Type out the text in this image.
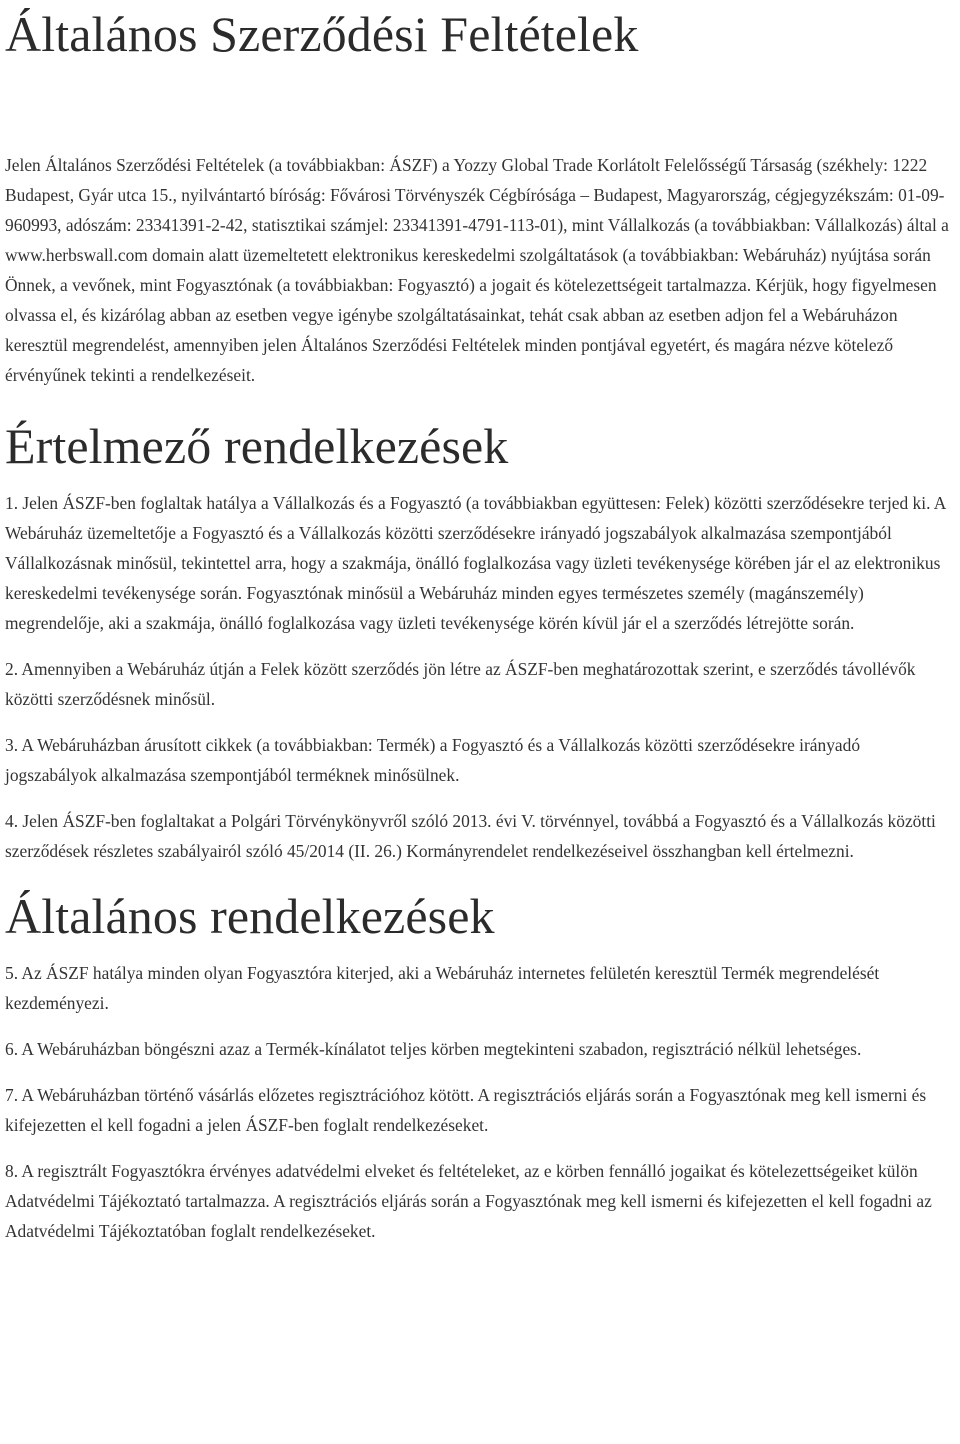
Általános Szerződési Feltételek

Jelen Általános Szerződési Feltételek (a továbbiakban: ÁSZF) a Yozzy Global Trade Korlátolt Felelősségű Társaság (székhely: 1222 Budapest, Gyár utca 15., nyilvántartó bíróság: Fővárosi Törvényszék Cégbírósága – Budapest, Magyarország, cégjegyzékszám: 01-09-960993, adószám: 23341391-2-42, statisztikai számjel: 23341391-4791-113-01), mint Vállalkozás (a továbbiakban: Vállalkozás) által a www.herbswall.com domain alatt üzemeltetett elektronikus kereskedelmi szolgáltatások (a továbbiakban: Webáruház) nyújtása során Önnek, a vevőnek, mint Fogyasztónak (a továbbiakban: Fogyasztó) a jogait és kötelezettségeit tartalmazza. Kérjük, hogy figyelmesen olvassa el, és kizárólag abban az esetben vegye igénybe szolgáltatásainkat, tehát csak abban az esetben adjon fel a Webáruházon keresztül megrendelést, amennyiben jelen Általános Szerződési Feltételek minden pontjával egyetért, és magára nézve kötelező érvényűnek tekinti a rendelkezéseit.

Értelmező rendelkezések

1. Jelen ÁSZF-ben foglaltak hatálya a Vállalkozás és a Fogyasztó (a továbbiakban együttesen: Felek) közötti szerződésekre terjed ki. A Webáruház üzemeltetője a Fogyasztó és a Vállalkozás közötti szerződésekre irányadó jogszabályok alkalmazása szempontjából Vállalkozásnak minősül, tekintettel arra, hogy a szakmája, önálló foglalkozása vagy üzleti tevékenysége körében jár el az elektronikus kereskedelmi tevékenysége során. Fogyasztónak minősül a Webáruház minden egyes természetes személy (magánszemély) megrendelője, aki a szakmája, önálló foglalkozása vagy üzleti tevékenysége körén kívül jár el a szerződés létrejötte során.

2. Amennyiben a Webáruház útján a Felek között szerződés jön létre az ÁSZF-ben meghatározottak szerint, e szerződés távollévők közötti szerződésnek minősül.

3. A Webáruházban árusított cikkek (a továbbiakban: Termék) a Fogyasztó és a Vállalkozás közötti szerződésekre irányadó jogszabályok alkalmazása szempontjából terméknek minősülnek.

4. Jelen ÁSZF-ben foglaltakat a Polgári Törvénykönyvről szóló 2013. évi V. törvénnyel, továbbá a Fogyasztó és a Vállalkozás közötti szerződések részletes szabályairól szóló 45/2014 (II. 26.) Kormányrendelet rendelkezéseivel összhangban kell értelmezni.

Általános rendelkezések

5. Az ÁSZF hatálya minden olyan Fogyasztóra kiterjed, aki a Webáruház internetes felületén keresztül Termék megrendelését kezdeményezi.

6. A Webáruházban böngészni azaz a Termék-kínálatot teljes körben megtekinteni szabadon, regisztráció nélkül lehetséges.

7. A Webáruházban történő vásárlás előzetes regisztrációhoz kötött. A regisztrációs eljárás során a Fogyasztónak meg kell ismerni és kifejezetten el kell fogadni a jelen ÁSZF-ben foglalt rendelkezéseket.

8. A regisztrált Fogyasztókra érvényes adatvédelmi elveket és feltételeket, az e körben fennálló jogaikat és kötelezettségeiket külön Adatvédelmi Tájékoztató tartalmazza. A regisztrációs eljárás során a Fogyasztónak meg kell ismerni és kifejezetten el kell fogadni az Adatvédelmi Tájékoztatóban foglalt rendelkezéseket.
